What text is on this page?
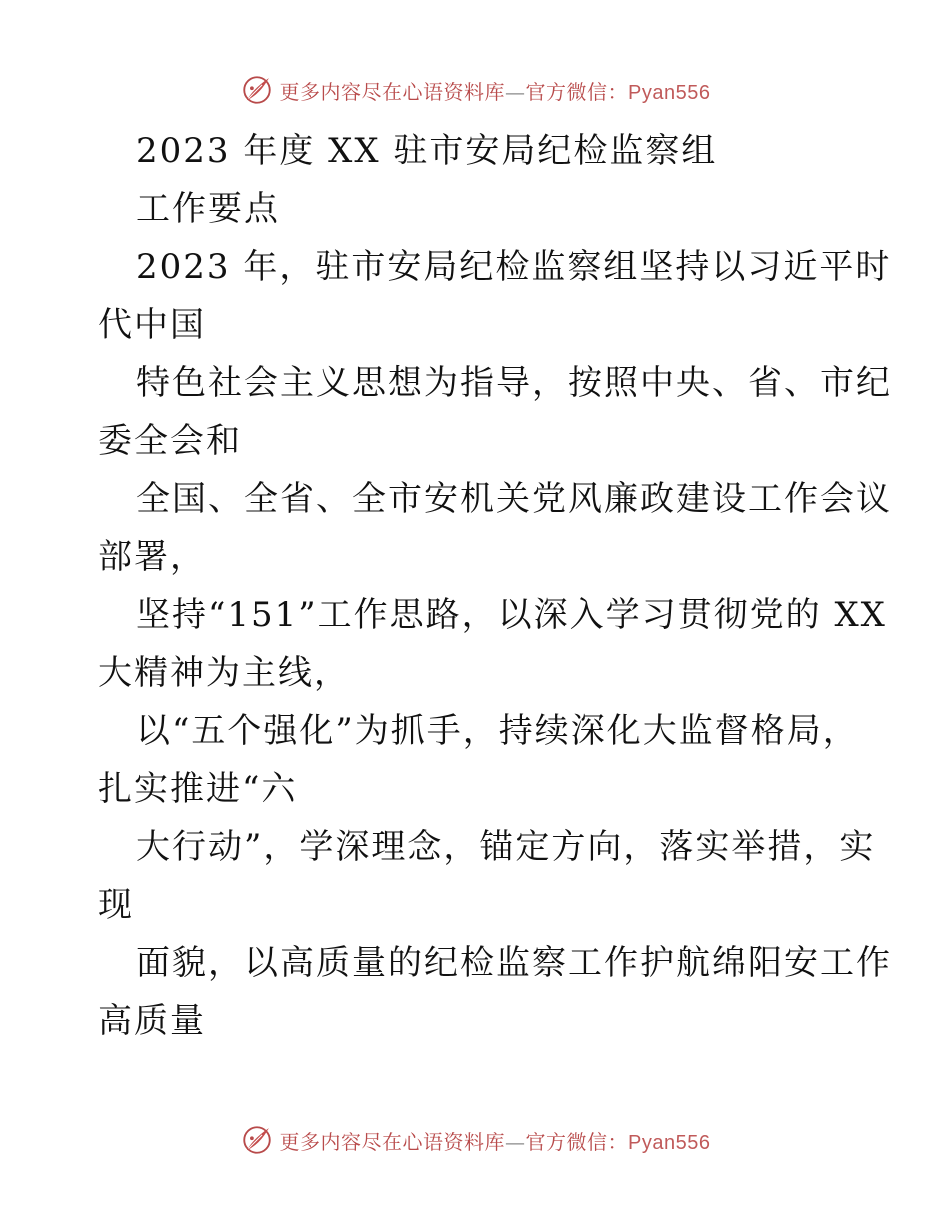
更多内容尽在心语资料库—官方微信：Pyan556

2023 年度 XX 驻市安局纪检监察组

工作要点

2023 年，驻市安局纪检监察组坚持以习近平时

代中国

特色社会主义思想为指导，按照中央、省、市纪

委全会和

全国、全省、全市安机关党风廉政建设工作会议

部署，

坚持“151”工作思路，以深入学习贯彻党的 XX

大精神为主线，

以“五个强化”为抓手，持续深化大监督格局，

扎实推进“六

大行动”，学深理念，锚定方向，落实举措，实

现

面貌，以高质量的纪检监察工作护航绵阳安工作

高质量

更多内容尽在心语资料库—官方微信：Pyan556
